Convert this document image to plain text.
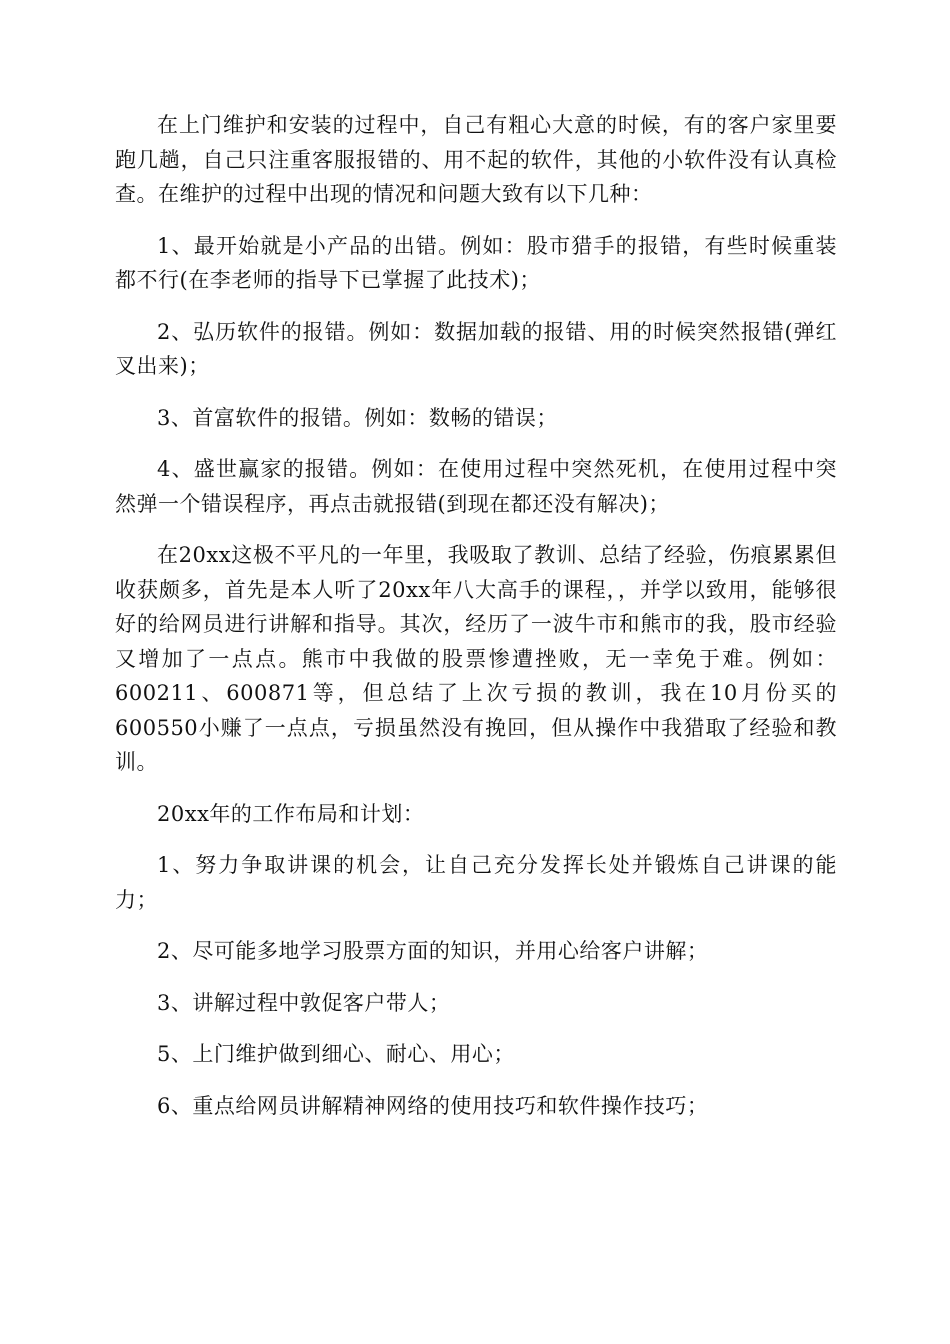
在上门维护和安装的过程中，自己有粗心大意的时候，有的客户家里要跑几趟，自己只注重客服报错的、用不起的软件，其他的小软件没有认真检查。在维护的过程中出现的情况和问题大致有以下几种：

1、最开始就是小产品的出错。例如：股市猎手的报错，有些时候重装都不行(在李老师的指导下已掌握了此技术)；

2、弘历软件的报错。例如：数据加载的报错、用的时候突然报错(弹红叉出来)；

3、首富软件的报错。例如：数畅的错误；

4、盛世赢家的报错。例如：在使用过程中突然死机，在使用过程中突然弹一个错误程序，再点击就报错(到现在都还没有解决)；

在20xx这极不平凡的一年里，我吸取了教训、总结了经验，伤痕累累但收获颇多，首先是本人听了20xx年八大高手的课程，，并学以致用，能够很好的给网员进行讲解和指导。其次，经历了一波牛市和熊市的我，股市经验又增加了一点点。熊市中我做的股票惨遭挫败，无一幸免于难。例如：600211、600871等，但总结了上次亏损的教训，我在10月份买的600550小赚了一点点，亏损虽然没有挽回，但从操作中我猎取了经验和教训。

20xx年的工作布局和计划：

1、努力争取讲课的机会，让自己充分发挥长处并锻炼自己讲课的能力；

2、尽可能多地学习股票方面的知识，并用心给客户讲解；

3、讲解过程中敦促客户带人；

5、上门维护做到细心、耐心、用心；

6、重点给网员讲解精神网络的使用技巧和软件操作技巧；
